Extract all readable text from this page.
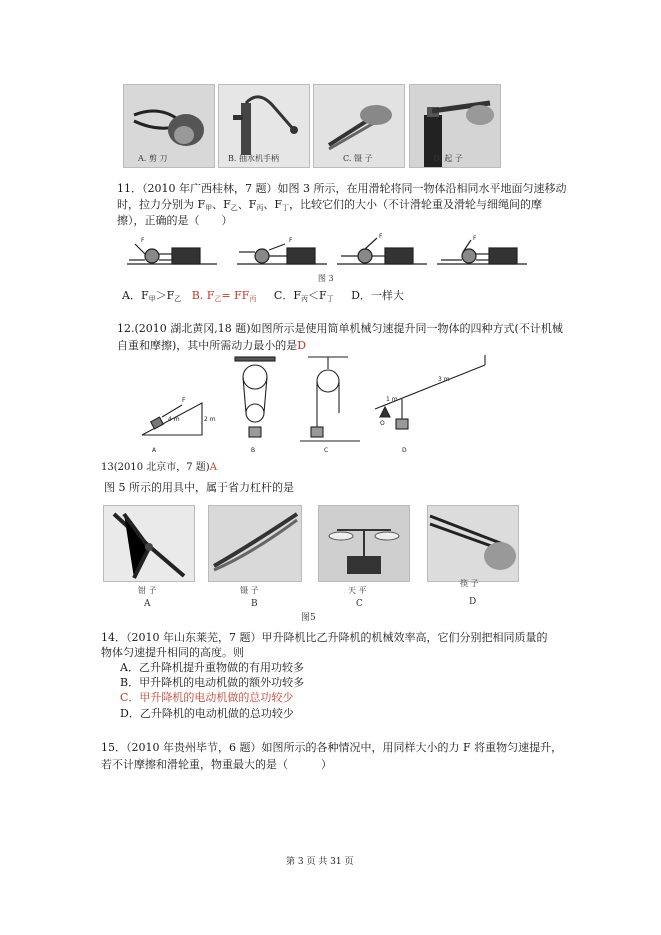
A. 剪 刀	B. 抽水机手柄	C. 镊 子	D. 起 子
11．（2010 年广西桂林，7 题）如图 3 所示，在用滑轮将同一物体沿相同水平地面匀速移动
时，拉力分别为 $F_甲$、$F_乙$、$F_丙$、$F_丁$，比较它们的大小（不计滑轮重及滑轮与细绳间的摩
擦），正确的是（　　）
F	F
F	F
图 3
A．$F_甲>F_乙$ B. $F_乙= FF_丙$ C．$F_丙<F_丁$ D．一样大
12.(2010 湖北黄冈,18 题)如图所示是使用简单机械匀速提升同一物体的四种方式(不计机械
自重和摩擦)，其中所需动力最小的是D
4 m	2 m
F
3 m
1 m
O
A	B	C	D
13(2010 北京市，7 题)A
图 5 所示的用具中，属于省力杠杆的是
钳 子	镊 子	天 平
筷 子
A	B	C	D
图5
14．（2010 年山东莱芜，7 题）甲升降机比乙升降机的机械效率高，它们分别把相同质量的
物体匀速提升相同的高度。则
A．乙升降机提升重物做的有用功较多
B．甲升降机的电动机做的额外功较多
C．甲升降机的电动机做的总功较少
D．乙升降机的电动机做的总功较少
15．（2010 年贵州毕节，6 题）如图所示的各种情况中，用同样大小的力 F 将重物匀速提升，
若不计摩擦和滑轮重，物重最大的是（　　　）
第 3 页 共 31 页
